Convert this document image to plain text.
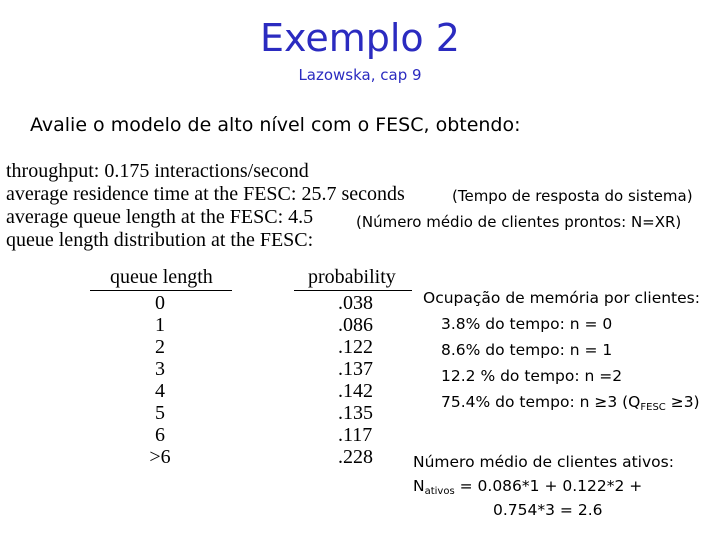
Exemplo 2
Lazowska, cap 9
Avalie o modelo de alto nível com o FESC, obtendo:
throughput: 0.175 interactions/second
average residence time at the FESC: 25.7 seconds
average queue length at the FESC: 4.5
queue length distribution at the FESC:
(Tempo de resposta do sistema)
(Número médio de clientes prontos: N=XR)
queue length	probability
0	.038
1	.086
2	.122
3	.137
4	.142
5	.135
6	.117
>6	.228
Ocupação de memória por clientes:
3.8% do tempo: n = 0
8.6% do tempo: n = 1
12.2 % do tempo: n =2
75.4% do tempo: n ≥3 (QFESC ≥3)
Número médio de clientes ativos:
Nativos = 0.086*1 + 0.122*2 +
0.754*3 = 2.6
